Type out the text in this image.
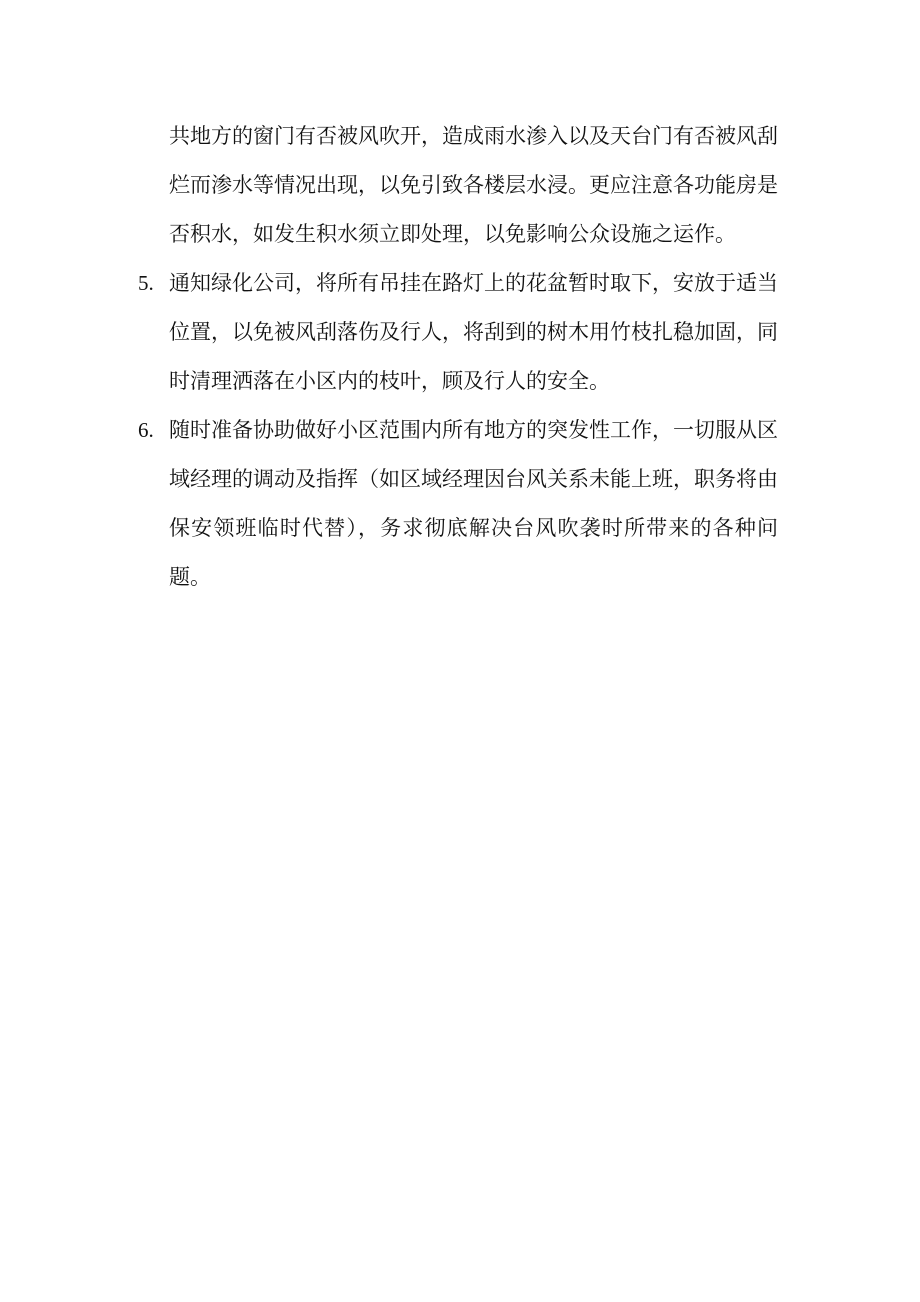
共地方的窗门有否被风吹开，造成雨水渗入以及天台门有否被风刮烂而渗水等情况出现，以免引致各楼层水浸。更应注意各功能房是否积水，如发生积水须立即处理，以免影响公众设施之运作。

5. 通知绿化公司，将所有吊挂在路灯上的花盆暂时取下，安放于适当位置，以免被风刮落伤及行人，将刮到的树木用竹枝扎稳加固，同时清理洒落在小区内的枝叶，顾及行人的安全。

6. 随时准备协助做好小区范围内所有地方的突发性工作，一切服从区域经理的调动及指挥（如区域经理因台风关系未能上班，职务将由保安领班临时代替），务求彻底解决台风吹袭时所带来的各种问题。
